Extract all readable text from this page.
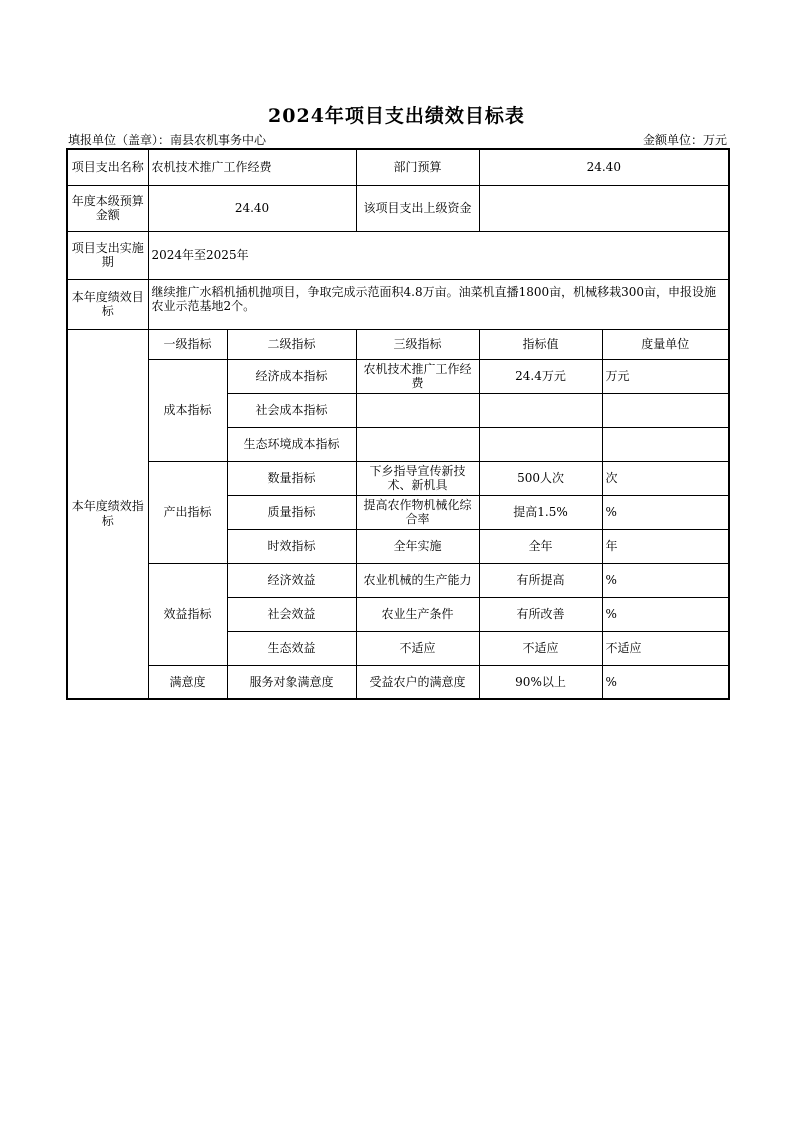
2024年项目支出绩效目标表
填报单位（盖章）：南县农机事务中心	金额单位：万元
项目支出名称	农机技术推广工作经费		部门预算	24.40	
年度本级预算金额	24.40		该项目支出上级资金		
项目支出实施期	2024年至2025年				
本年度绩效目标	继续推广水稻机插机抛项目，争取完成示范面积4.8万亩。油菜机直播1800亩，机械移栽300亩，申报设施农业示范基地2个。				
本年度绩效指标	一级指标	二级指标	三级指标	指标值	度量单位
	成本指标	经济成本指标	农机技术推广工作经费	24.4万元	万元
		社会成本指标			
		生态环境成本指标			
	产出指标	数量指标	下乡指导宣传新技术、新机具	500人次	次
		质量指标	提高农作物机械化综合率	提高1.5%	%
		时效指标	全年实施	全年	年
	效益指标	经济效益	农业机械的生产能力	有所提高	%
		社会效益	农业生产条件	有所改善	%
		生态效益	不适应	不适应	不适应
	满意度	服务对象满意度	受益农户的满意度	90%以上	%
